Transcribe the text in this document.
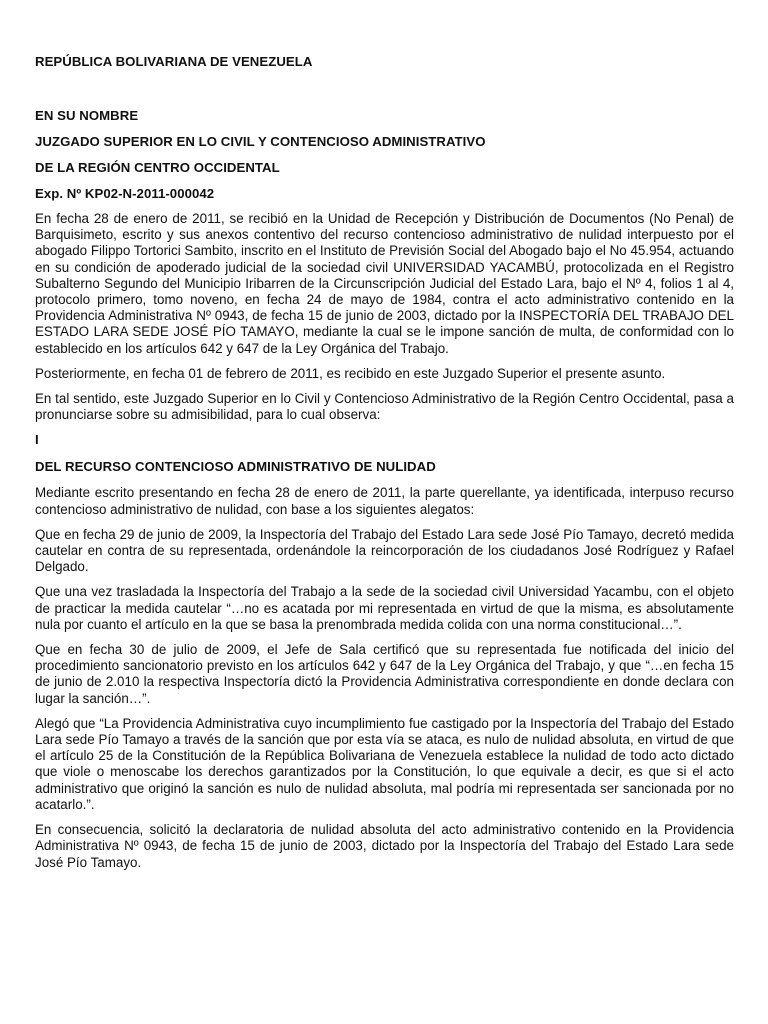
REPÚBLICA BOLIVARIANA DE VENEZUELA

EN SU NOMBRE

JUZGADO SUPERIOR EN LO CIVIL Y CONTENCIOSO ADMINISTRATIVO

DE LA REGIÓN CENTRO OCCIDENTAL

Exp. Nº KP02-N-2011-000042

En fecha 28 de enero de 2011, se recibió en la Unidad de Recepción y Distribución de Documentos (No Penal) de Barquisimeto, escrito y sus anexos contentivo del recurso contencioso administrativo de nulidad interpuesto por el abogado Filippo Tortorici Sambito, inscrito en el Instituto de Previsión Social del Abogado bajo el No 45.954, actuando en su condición de apoderado judicial de la sociedad civil UNIVERSIDAD YACAMBÚ, protocolizada en el Registro Subalterno Segundo del Municipio Iribarren de la Circunscripción Judicial del Estado Lara, bajo el Nº 4, folios 1 al 4, protocolo primero, tomo noveno, en fecha 24 de mayo de 1984, contra el acto administrativo contenido en la Providencia Administrativa Nº 0943, de fecha 15 de junio de 2003, dictado por la INSPECTORÍA DEL TRABAJO DEL ESTADO LARA SEDE JOSÉ PÍO TAMAYO, mediante la cual se le impone sanción de multa, de conformidad con lo establecido en los artículos 642 y 647 de la Ley Orgánica del Trabajo.

Posteriormente, en fecha 01 de febrero de 2011, es recibido en este Juzgado Superior el presente asunto.

En tal sentido, este Juzgado Superior en lo Civil y Contencioso Administrativo de la Región Centro Occidental, pasa a pronunciarse sobre su admisibilidad, para lo cual observa:

I

DEL RECURSO CONTENCIOSO ADMINISTRATIVO DE NULIDAD

Mediante escrito presentando en fecha 28 de enero de 2011, la parte querellante, ya identificada, interpuso recurso contencioso administrativo de nulidad, con base a los siguientes alegatos:

Que en fecha 29 de junio de 2009, la Inspectoría del Trabajo del Estado Lara sede José Pío Tamayo, decretó medida cautelar en contra de su representada, ordenándole la reincorporación de los ciudadanos José Rodríguez y Rafael Delgado.

Que una vez trasladada la Inspectoría del Trabajo a la sede de la sociedad civil Universidad Yacambu, con el objeto de practicar la medida cautelar “…no es acatada por mi representada en virtud de que la misma, es absolutamente nula por cuanto el artículo en la que se basa la prenombrada medida colida con una norma constitucional…”.

Que en fecha 30 de julio de 2009, el Jefe de Sala certificó que su representada fue notificada del inicio del procedimiento sancionatorio previsto en los artículos 642 y 647 de la Ley Orgánica del Trabajo, y que “…en fecha 15 de junio de 2.010 la respectiva Inspectoría dictó la Providencia Administrativa correspondiente en donde declara con lugar la sanción…”.

Alegó que “La Providencia Administrativa cuyo incumplimiento fue castigado por la Inspectoría del Trabajo del Estado Lara sede Pío Tamayo a través de la sanción que por esta vía se ataca, es nulo de nulidad absoluta, en virtud de que el artículo 25 de la Constitución de la República Bolivariana de Venezuela establece la nulidad de todo acto dictado que viole o menoscabe los derechos garantizados por la Constitución, lo que equivale a decir, es que si el acto administrativo que originó la sanción es nulo de nulidad absoluta, mal podría mi representada ser sancionada por no acatarlo.”.

En consecuencia, solicitó la declaratoria de nulidad absoluta del acto administrativo contenido en la Providencia Administrativa Nº 0943, de fecha 15 de junio de 2003, dictado por la Inspectoría del Trabajo del Estado Lara sede José Pío Tamayo.
